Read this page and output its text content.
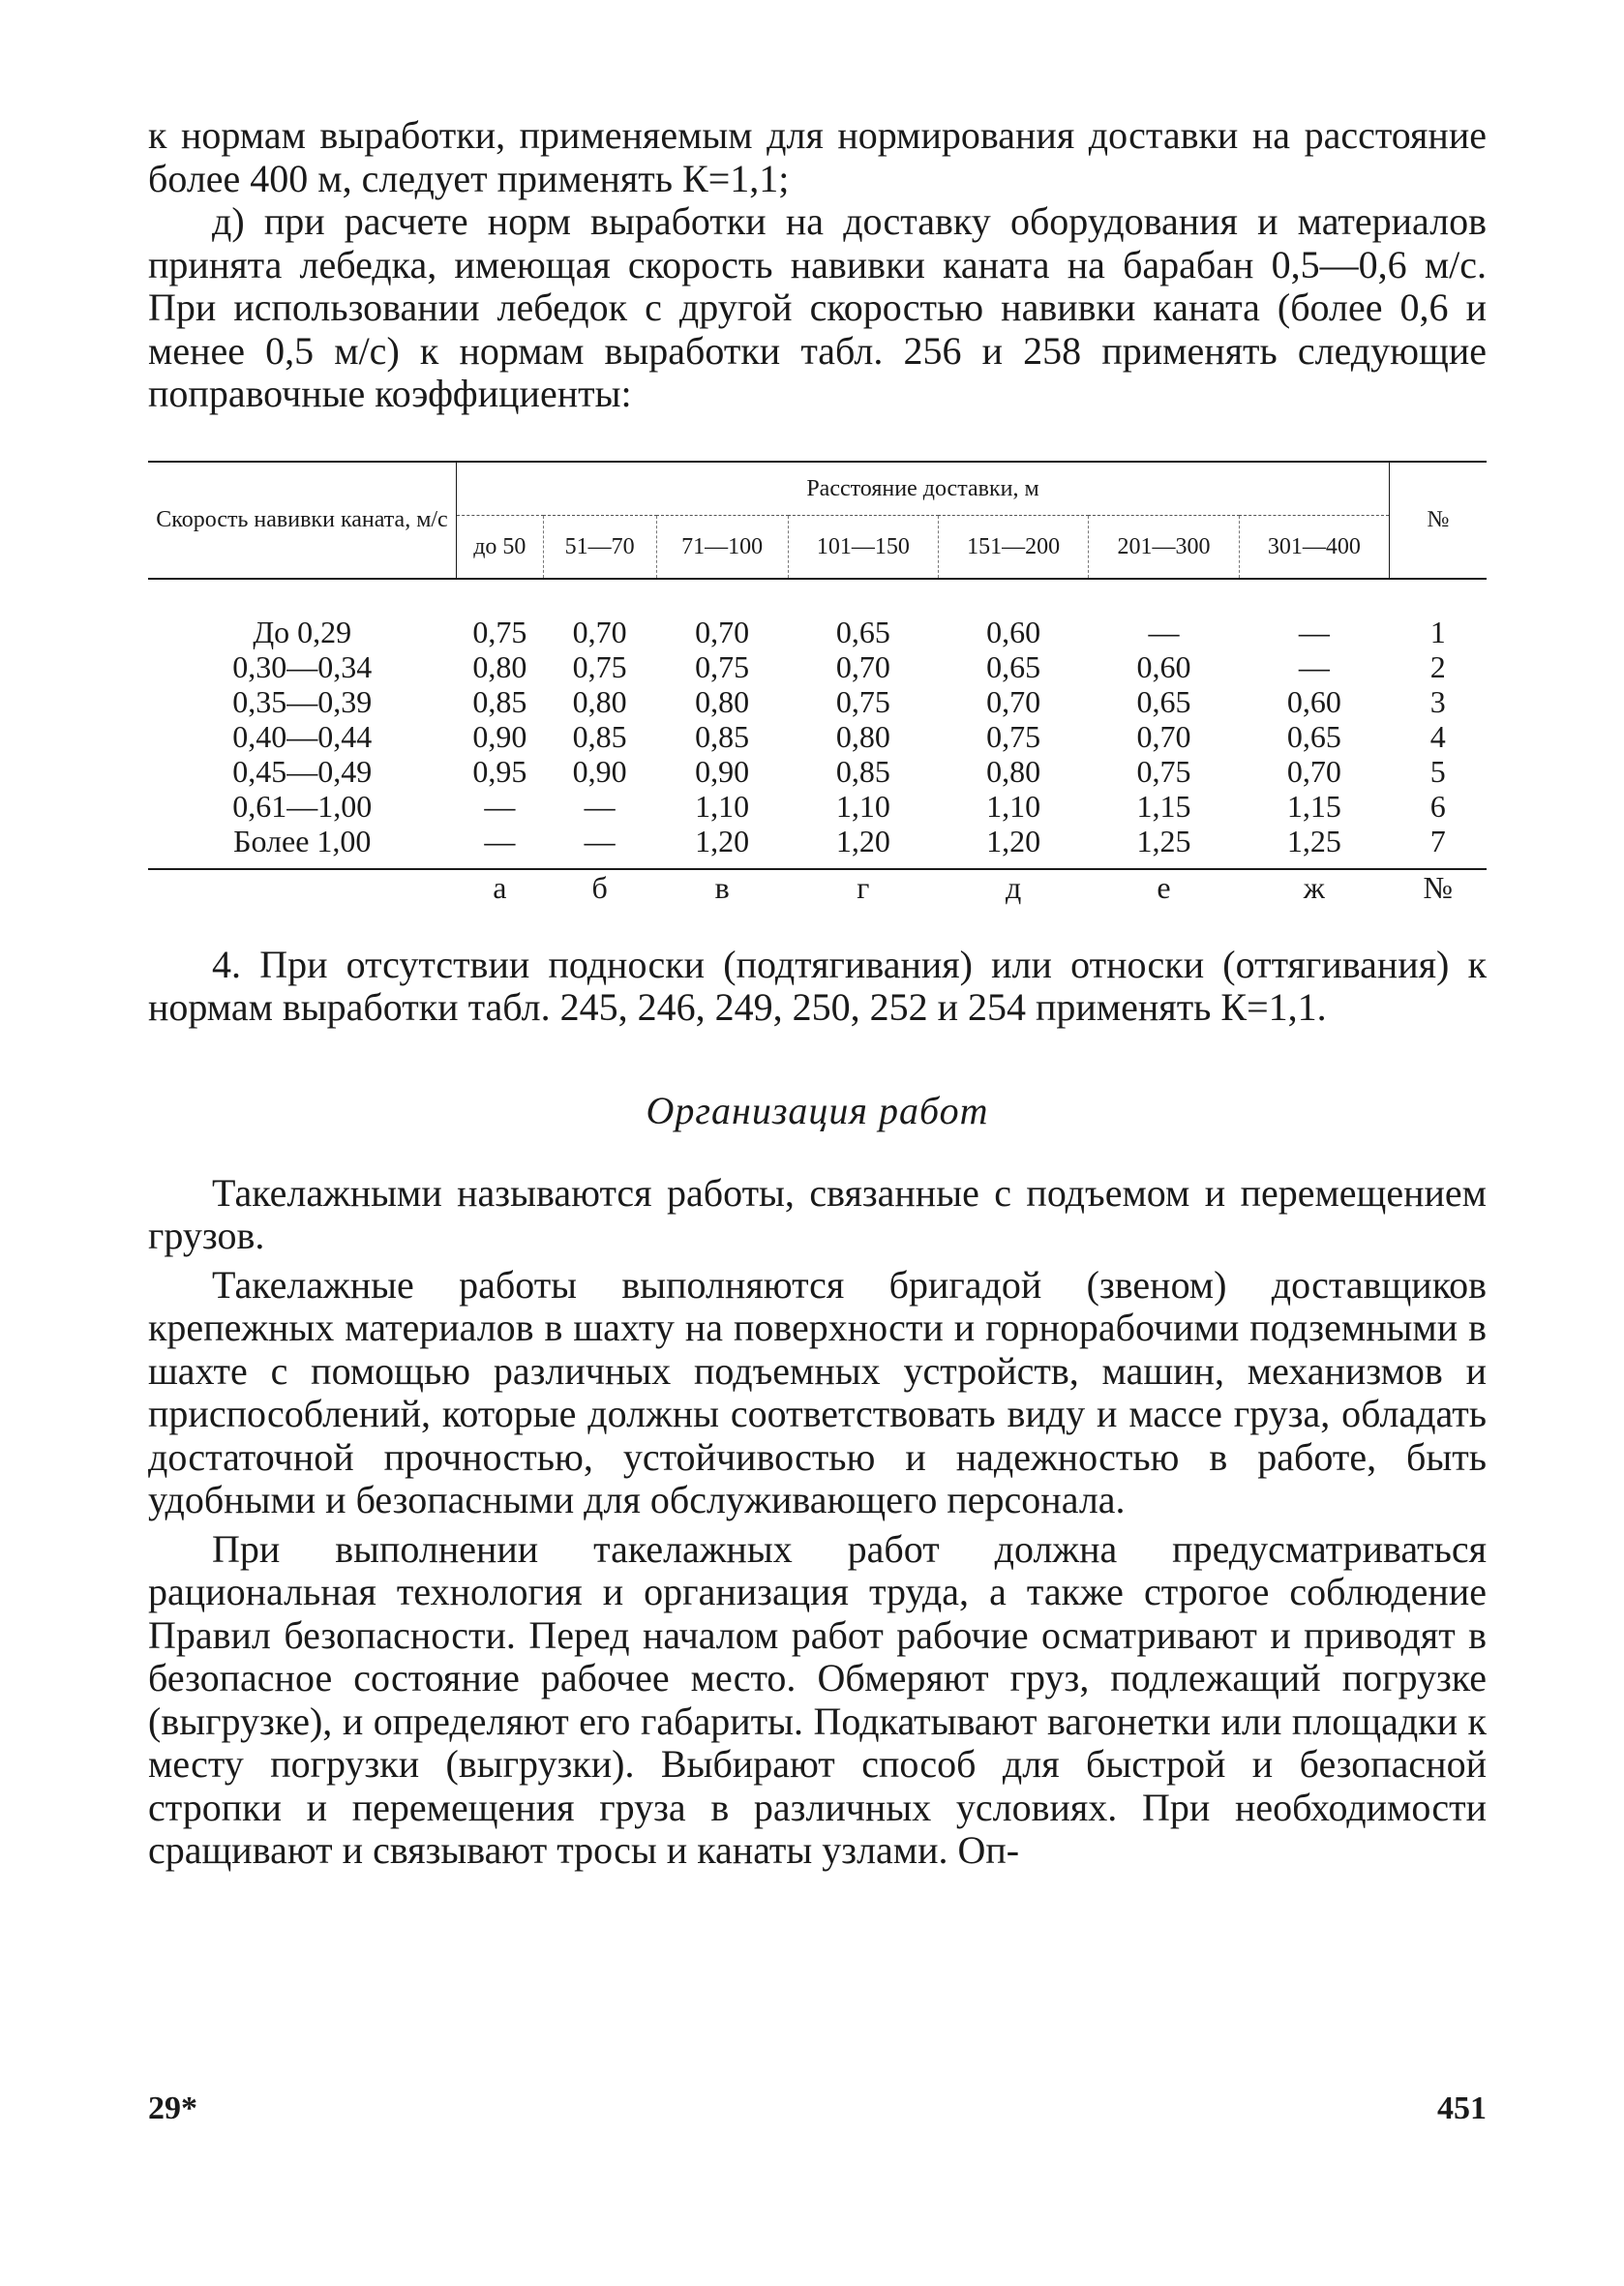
к нормам выработки, применяемым для нормирования доставки на расстояние более 400 м, следует применять К=1,1;

д) при расчете норм выработки на доставку оборудования и материалов принята лебедка, имеющая скорость навивки каната на барабан 0,5—0,6 м/с. При использовании лебедок с другой скоростью навивки каната (более 0,6 и менее 0,5 м/с) к нормам выработки табл. 256 и 258 применять следующие поправочные коэффициенты:

Скорость навивки каната, м/с	Расстояние доставки, м							№
	до 50	51—70	71—100	101—150	151—200	201—300	301—400	
До 0,29	0,75	0,70	0,70	0,65	0,60	—	—	1
0,30—0,34	0,80	0,75	0,75	0,70	0,65	0,60	—	2
0,35—0,39	0,85	0,80	0,80	0,75	0,70	0,65	0,60	3
0,40—0,44	0,90	0,85	0,85	0,80	0,75	0,70	0,65	4
0,45—0,49	0,95	0,90	0,90	0,85	0,80	0,75	0,70	5
0,61—1,00	—	—	1,10	1,10	1,10	1,15	1,15	6
Более 1,00	—	—	1,20	1,20	1,20	1,25	1,25	7

	а	б	в	г	д	е	ж	№

4. При отсутствии подноски (подтягивания) или относки (оттягивания) к нормам выработки табл. 245, 246, 249, 250, 252 и 254 применять К=1,1.

Организация работ

Такелажными называются работы, связанные с подъемом и перемещением грузов.

Такелажные работы выполняются бригадой (звеном) доставщиков крепежных материалов в шахту на поверхности и горнорабочими подземными в шахте с помощью различных подъемных устройств, машин, механизмов и приспособлений, которые должны соответствовать виду и массе груза, обладать достаточной прочностью, устойчивостью и надежностью в работе, быть удобными и безопасными для обслуживающего персонала.

При выполнении такелажных работ должна предусматриваться рациональная технология и организация труда, а также строгое соблюдение Правил безопасности. Перед началом работ рабочие осматривают и приводят в безопасное состояние рабочее место. Обмеряют груз, подлежащий погрузке (выгрузке), и определяют его габариты. Подкатывают вагонетки или площадки к месту погрузки (выгрузки). Выбирают способ для быстрой и безопасной стропки и перемещения груза в различных условиях. При необходимости сращивают и связывают тросы и канаты узлами. Оп-

29*	451
